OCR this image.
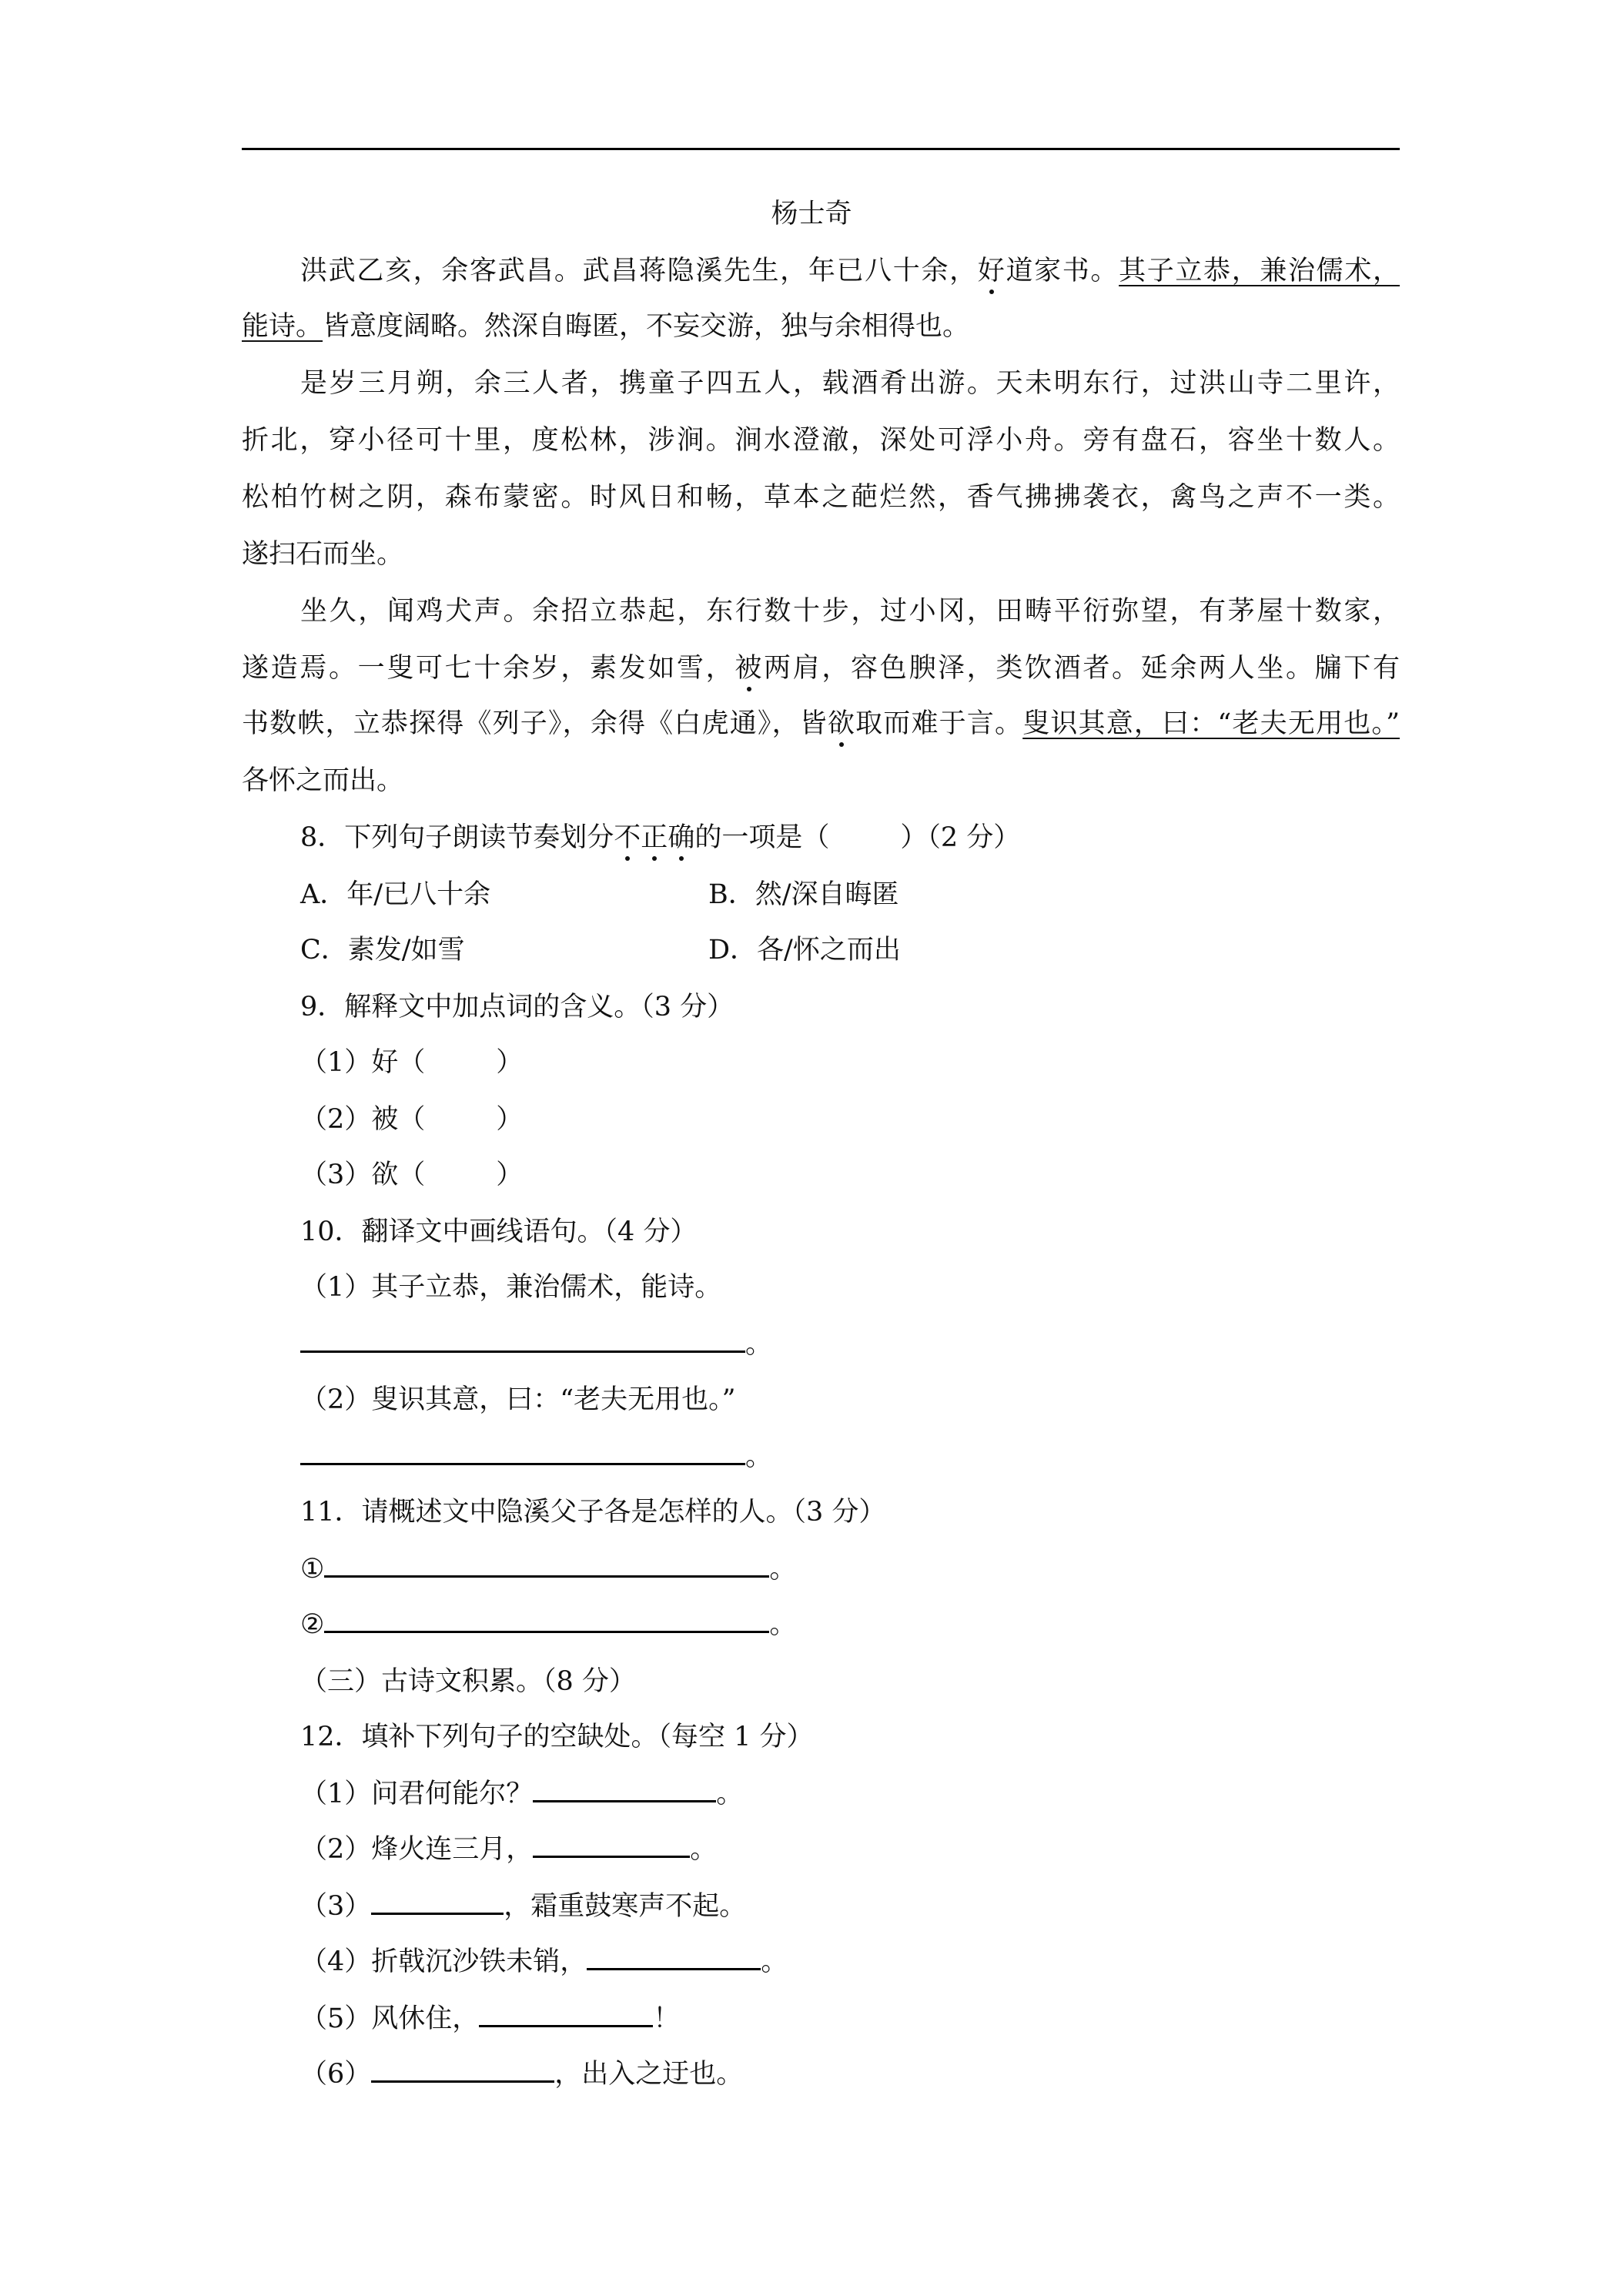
杨士奇
洪武乙亥，余客武昌。武昌蒋隐溪先生，年已八十余，好道家书。其子立恭，兼治儒术，
能诗。皆意度阔略。然深自晦匿，不妄交游，独与余相得也。
是岁三月朔，余三人者，携童子四五人，载酒肴出游。天未明东行，过洪山寺二里许，
折北，穿小径可十里，度松林，涉涧。涧水澄澈，深处可浮小舟。旁有盘石，容坐十数人。
松柏竹树之阴，森布蒙密。时风日和畅，草本之葩烂然，香气拂拂袭衣，禽鸟之声不一类。
遂扫石而坐。
坐久，闻鸡犬声。余招立恭起，东行数十步，过小冈，田畴平衍弥望，有茅屋十数家，
遂造焉。一叟可七十余岁，素发如雪，被两肩，容色腴泽，类饮酒者。延余两人坐。牖下有
书数帙，立恭探得《列子》，余得《白虎通》，皆欲取而难于言。叟识其意，曰：“老夫无用也。”
各怀之而出。
8．下列句子朗读节奏划分不正确的一项是（	）（2 分）
A．年/已八十余	B．然/深自晦匿
C．素发/如雪	D．各/怀之而出
9．解释文中加点词的含义。（3 分）
（1）好（	）
（2）被（	）
（3）欲（	）
10．翻译文中画线语句。（4 分）
（1）其子立恭，兼治儒术，能诗。
。
（2）叟识其意，曰：“老夫无用也。”
。
11．请概述文中隐溪父子各是怎样的人。（3 分）
①	。
②	。
（三）古诗文积累。（8 分）
12．填补下列句子的空缺处。（每空 1 分）
（1）问君何能尔？	。
（2）烽火连三月，	。
（3）	，霜重鼓寒声不起。
（4）折戟沉沙铁未销，	。
（5）风休住，	！
（6）	，出入之迂也。
